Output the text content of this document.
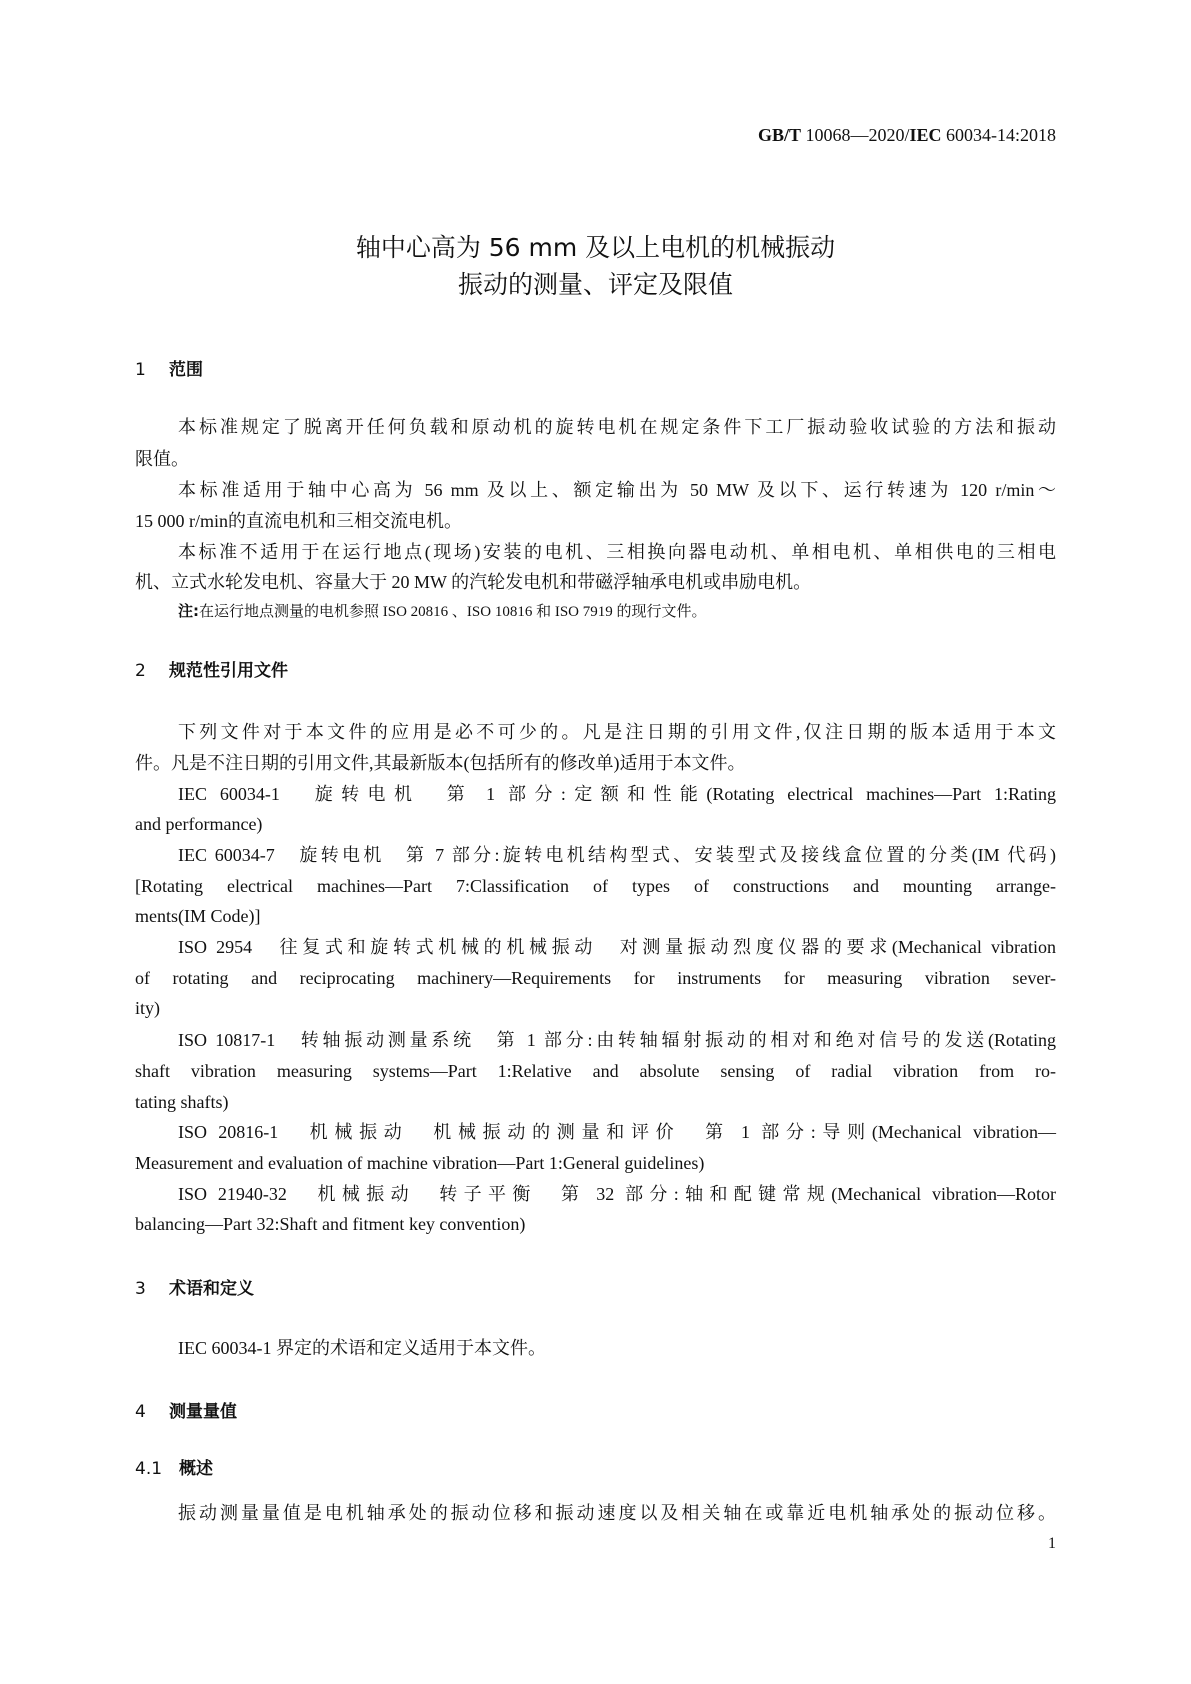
GB/T 10068—2020/IEC 60034-14:2018
轴中心高为 56 mm 及以上电机的机械振动
振动的测量、评定及限值
1 范围
本标准规定了脱离开任何负载和原动机的旋转电机在规定条件下工厂振动验收试验的方法和振动
限值。
本标准适用于轴中心高为 56 mm 及以上、额定输出为 50 MW 及以下、运行转速为 120 r/min～
15 000 r/min的直流电机和三相交流电机。
本标准不适用于在运行地点(现场)安装的电机、三相换向器电动机、单相电机、单相供电的三相电
机、立式水轮发电机、容量大于 20 MW 的汽轮发电机和带磁浮轴承电机或串励电机。
注:在运行地点测量的电机参照 ISO 20816 、ISO 10816 和 ISO 7919 的现行文件。
2 规范性引用文件
下列文件对于本文件的应用是必不可少的。凡是注日期的引用文件,仅注日期的版本适用于本文
件。凡是不注日期的引用文件,其最新版本(包括所有的修改单)适用于本文件。
IEC 60034-1　旋转电机　第 1 部分:定额和性能(Rotating electrical machines—Part 1:Rating
and performance)
IEC 60034-7　旋转电机　第 7 部分:旋转电机结构型式、安装型式及接线盒位置的分类(IM 代码)
[Rotating electrical machines—Part 7:Classification of types of constructions and mounting arrange-
ments(IM Code)]
ISO 2954　往复式和旋转式机械的机械振动　对测量振动烈度仪器的要求(Mechanical vibration
of rotating and reciprocating machinery—Requirements for instruments for measuring vibration sever-
ity)
ISO 10817-1　转轴振动测量系统　第 1 部分:由转轴辐射振动的相对和绝对信号的发送(Rotating
shaft vibration measuring systems—Part 1:Relative and absolute sensing of radial vibration from ro-
tating shafts)
ISO 20816-1　机械振动　机械振动的测量和评价　第 1 部分:导则(Mechanical vibration—
Measurement and evaluation of machine vibration—Part 1:General guidelines)
ISO 21940-32　机械振动　转子平衡　第 32 部分:轴和配键常规(Mechanical vibration—Rotor
balancing—Part 32:Shaft and fitment key convention)
3 术语和定义
IEC 60034-1 界定的术语和定义适用于本文件。
4 测量量值
4.1 概述
振动测量量值是电机轴承处的振动位移和振动速度以及相关轴在或靠近电机轴承处的振动位移。
1
